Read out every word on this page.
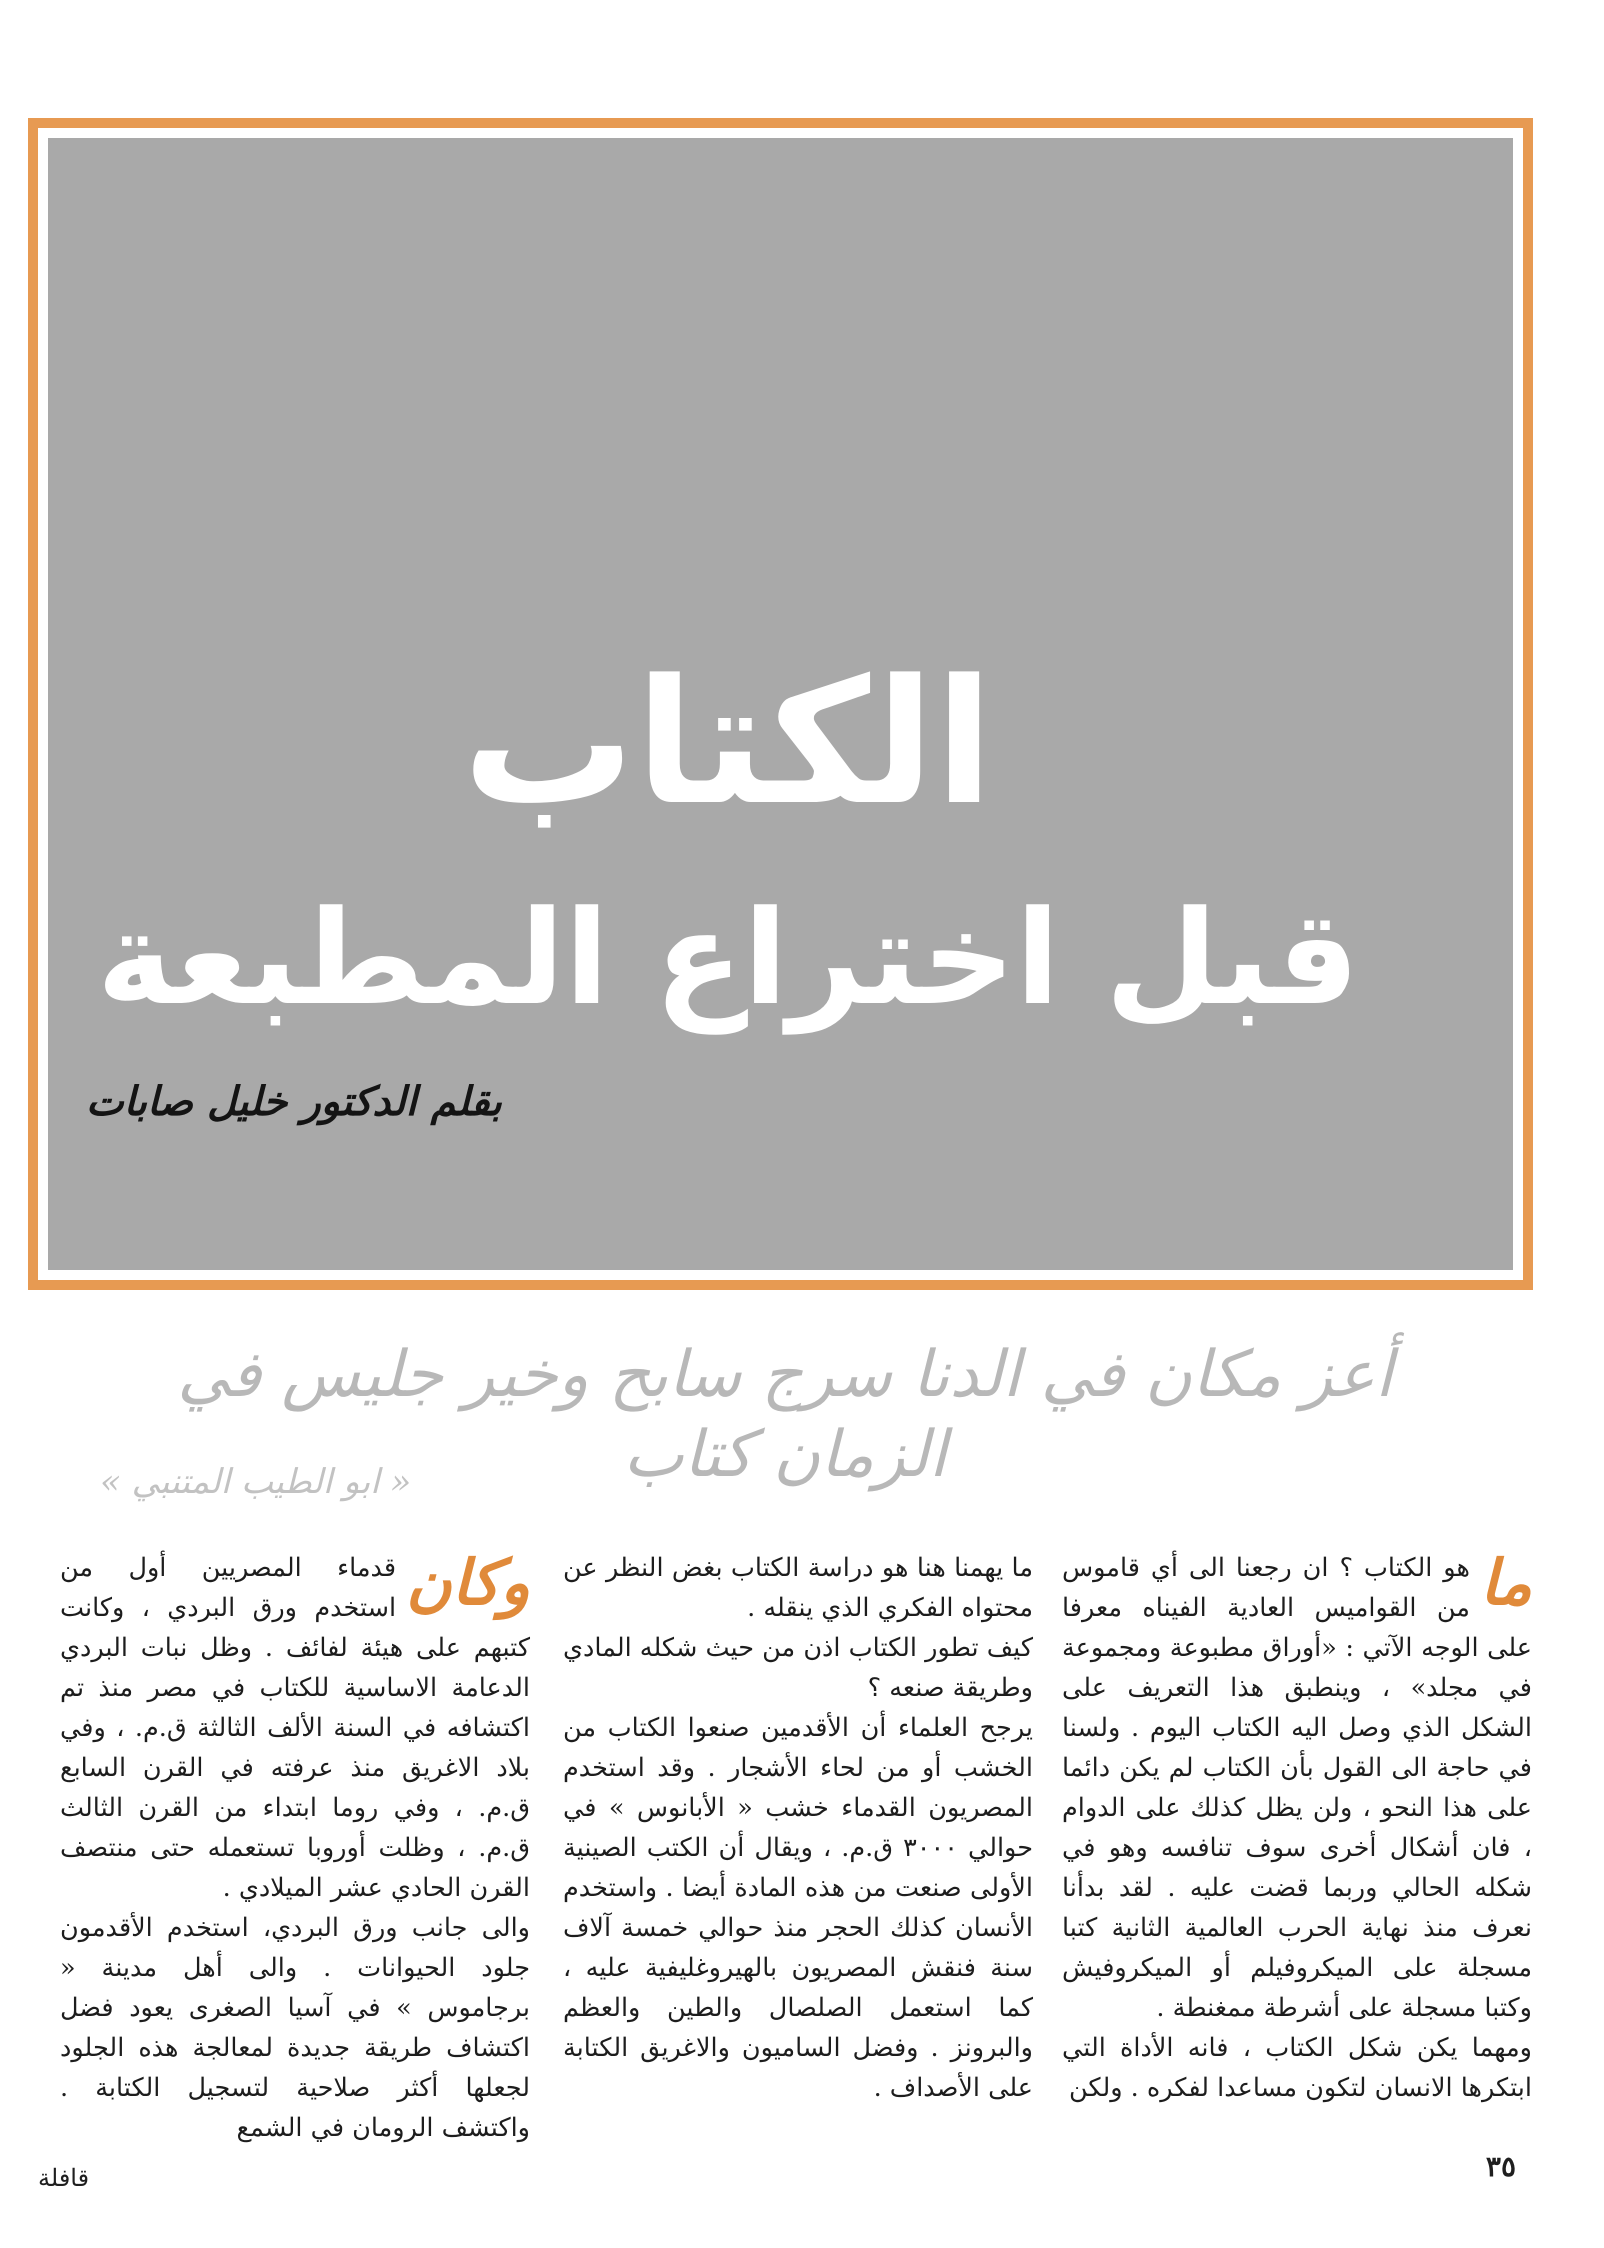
الكتاب
قبل اختراع المطبعة
بقلم الدكتور خليل صابات
أعز مكان في الدنا سرج سابح وخير جليس في الزمان كتاب
« ابو الطيب المتنبي »

ما
هو الكتاب ؟ ان رجعنا الى أي قاموس من القواميس العادية الفيناه معرفا على الوجه الآتي : «أوراق مطبوعة ومجموعة في مجلد» ، وينطبق هذا التعريف على الشكل الذي وصل اليه الكتاب اليوم . ولسنا في حاجة الى القول بأن الكتاب لم يكن دائما على هذا النحو ، ولن يظل كذلك على الدوام ، فان أشكال أخرى سوف تنافسه وهو في شكله الحالي وربما قضت عليه . لقد بدأنا نعرف منذ نهاية الحرب العالمية الثانية كتبا مسجلة على الميكروفيلم أو الميكروفيش وكتبا مسجلة على أشرطة ممغنطة .

ومهما يكن شكل الكتاب ، فانه الأداة التي ابتكرها الانسان لتكون مساعدا لفكره . ولكن

ما يهمنا هنا هو دراسة الكتاب بغض النظر عن محتواه الفكري الذي ينقله .

كيف تطور الكتاب اذن من حيث شكله المادي وطريقة صنعه ؟

يرجح العلماء أن الأقدمين صنعوا الكتاب من الخشب أو من لحاء الأشجار . وقد استخدم المصريون القدماء خشب « الأبانوس » في حوالي ٣٠٠٠ ق.م. ، ويقال أن الكتب الصينية الأولى صنعت من هذه المادة أيضا . واستخدم الأنسان كذلك الحجر منذ حوالي خمسة آلاف سنة فنقش المصريون بالهيروغليفية عليه ، كما استعمل الصلصال والطين والعظم والبرونز . وفضل الساميون والاغريق الكتابة على الأصداف .

وكان
قدماء المصريين أول من استخدم ورق البردي ، وكانت كتبهم على هيئة لفائف . وظل نبات البردي الدعامة الاساسية للكتاب في مصر منذ تم اكتشافه في السنة الألف الثالثة ق.م. ، وفي بلاد الاغريق منذ عرفته في القرن السابع ق.م. ، وفي روما ابتداء من القرن الثالث ق.م. ، وظلت أوروبا تستعمله حتى منتصف القرن الحادي عشر الميلادي .

والى جانب ورق البردي، استخدم الأقدمون جلود الحيوانات . والى أهل مدينة « برجاموس » في آسيا الصغرى يعود فضل اكتشاف طريقة جديدة لمعالجة هذه الجلود لجعلها أكثر صلاحية لتسجيل الكتابة . واكتشف الرومان في الشمع

٣٥
قافلة
